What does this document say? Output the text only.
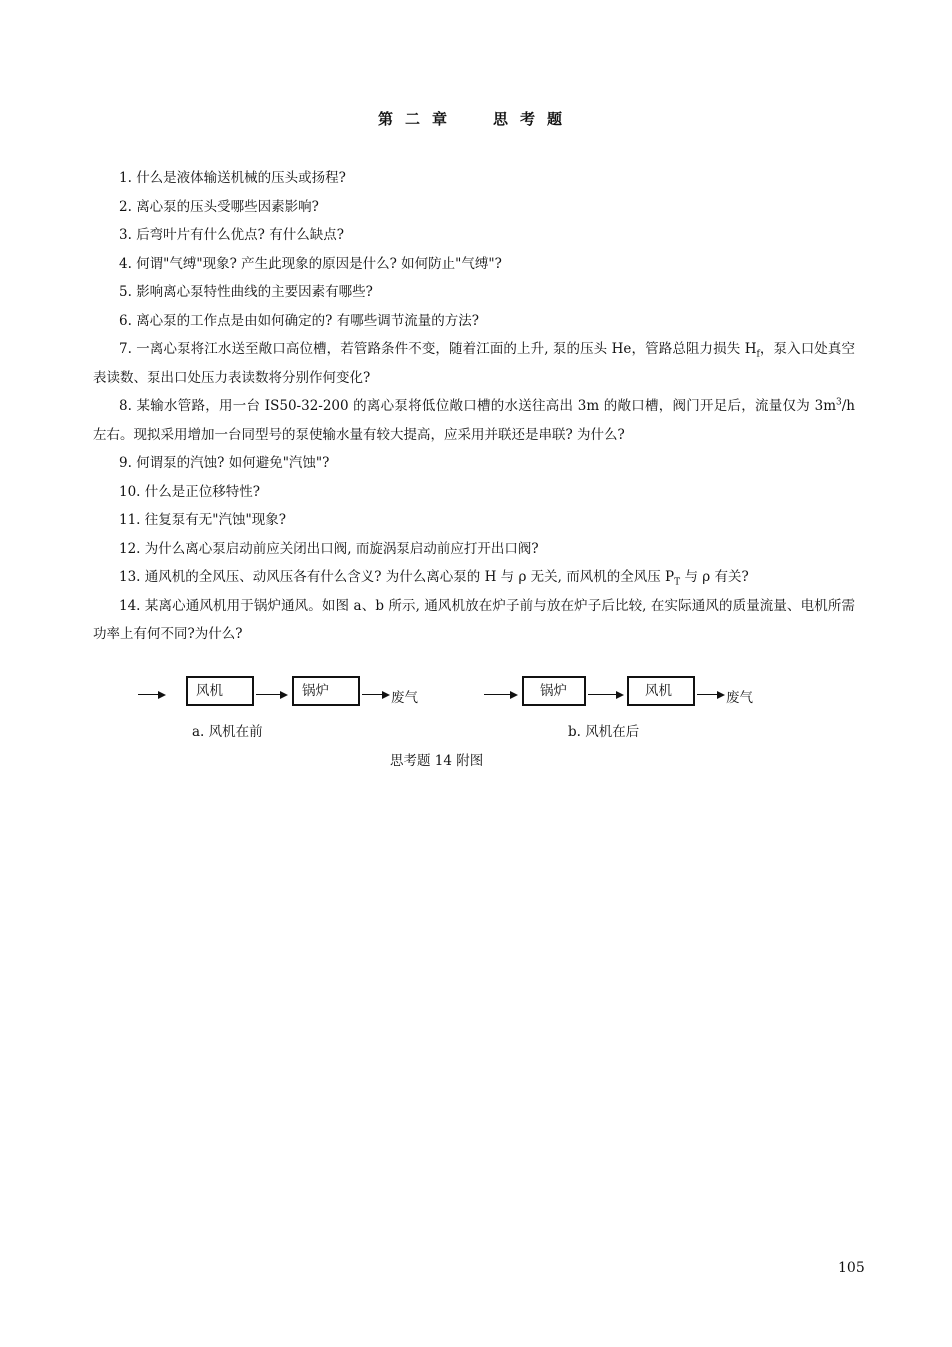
第二章 思考题

1. 什么是液体输送机械的压头或扬程?

2. 离心泵的压头受哪些因素影响?

3. 后弯叶片有什么优点? 有什么缺点?

4. 何谓"气缚"现象? 产生此现象的原因是什么? 如何防止"气缚"?

5. 影响离心泵特性曲线的主要因素有哪些?

6. 离心泵的工作点是由如何确定的? 有哪些调节流量的方法?

7. 一离心泵将江水送至敞口高位槽，若管路条件不变，随着江面的上升, 泵的压头 He，管路总阻力损失 $H_f$，泵入口处真空表读数、泵出口处压力表读数将分别作何变化?

8. 某输水管路，用一台 IS50-32-200 的离心泵将低位敞口槽的水送往高出 3m 的敞口槽，阀门开足后，流量仅为 $3m^3/h$ 左右。现拟采用增加一台同型号的泵使输水量有较大提高，应采用并联还是串联? 为什么?

9. 何谓泵的汽蚀? 如何避免"汽蚀"?

10. 什么是正位移特性?

11. 往复泵有无"汽蚀"现象?

12. 为什么离心泵启动前应关闭出口阀, 而旋涡泵启动前应打开出口阀?

13. 通风机的全风压、动风压各有什么含义? 为什么离心泵的 H 与 ρ 无关, 而风机的全风压 $P_T$ 与 ρ 有关?

14. 某离心通风机用于锅炉通风。如图 a、b 所示, 通风机放在炉子前与放在炉子后比较, 在实际通风的质量流量、电机所需功率上有何不同?为什么?

风机	锅炉	废气
a. 风机在前
锅炉	风机	废气
b. 风机在后
思考题 14 附图
105
